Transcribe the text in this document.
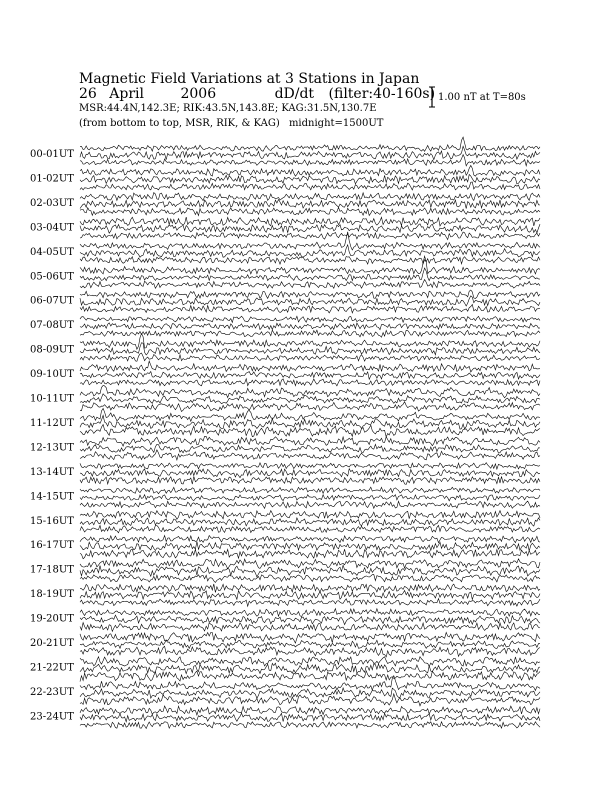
Magnetic Field Variations at 3 Stations in Japan
26 April	2006	dD/dt (filter:40-160s)
MSR:44.4N,142.3E; RIK:43.5N,143.8E; KAG:31.5N,130.7E
(from bottom to top, MSR, RIK, & KAG) midnight=1500UT
1.00 nT at T=80s
00-01UT
01-02UT
02-03UT
03-04UT
04-05UT
05-06UT
06-07UT
07-08UT
08-09UT
09-10UT
10-11UT
11-12UT
12-13UT
13-14UT
14-15UT
15-16UT
16-17UT
17-18UT
18-19UT
19-20UT
20-21UT
21-22UT
22-23UT
23-24UT
